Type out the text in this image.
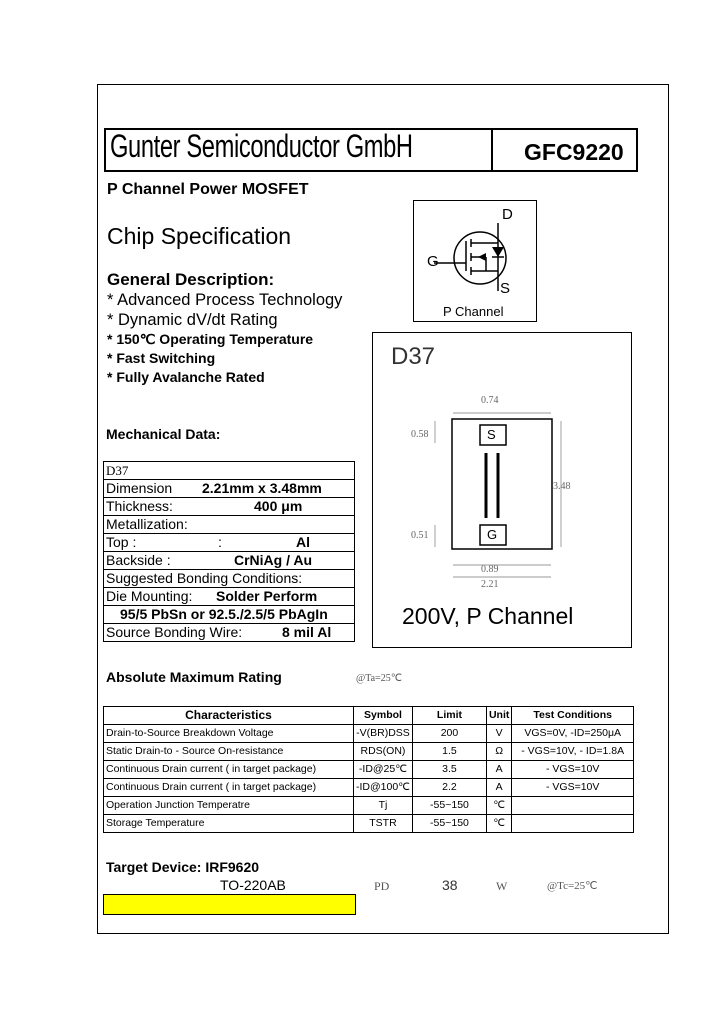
Gunter Semiconductor GmbH	GFC9220
P Channel Power MOSFET
Chip Specification
D
G
S
P Channel
General Description:
* Advanced Process Technology
* Dynamic dV/dt Rating
* 150℃ Operating Temperature
* Fast Switching
* Fully Avalanche Rated
D37
0.74
0.58
3.48
0.51
0.89
2.21
S
G
200V, P Channel
Mechanical Data:
D37
Dimension 2.21mm x 3.48mm
Thickness:	400 μm
Metallization:
Top :	:	Al
Backside :	CrNiAg / Au
Suggested Bonding Conditions:
Die Mounting: Solder Perform
95/5 PbSn or 92.5./2.5/5 PbAgIn
Source Bonding Wire:	8 mil Al
Absolute Maximum Rating	@Ta=25℃
Characteristics	Symbol	Limit	Unit	Test Conditions
Drain-to-Source Breakdown Voltage	-V(BR)DSS	200	V	VGS=0V, -ID=250μA
Static Drain-to - Source On-resistance	RDS(ON)	1.5	Ω	- VGS=10V, - ID=1.8A
Continuous Drain current ( in target package)	-ID@25℃	3.5	A	- VGS=10V
Continuous Drain current ( in target package)	-ID@100℃	2.2	A	- VGS=10V
Operation Junction Temperatre	Tj	-55~150	℃	
Storage Temperature	TSTR	-55~150	℃	
Target Device: IRF9620
TO-220AB	PD	38	W	@Tc=25℃
